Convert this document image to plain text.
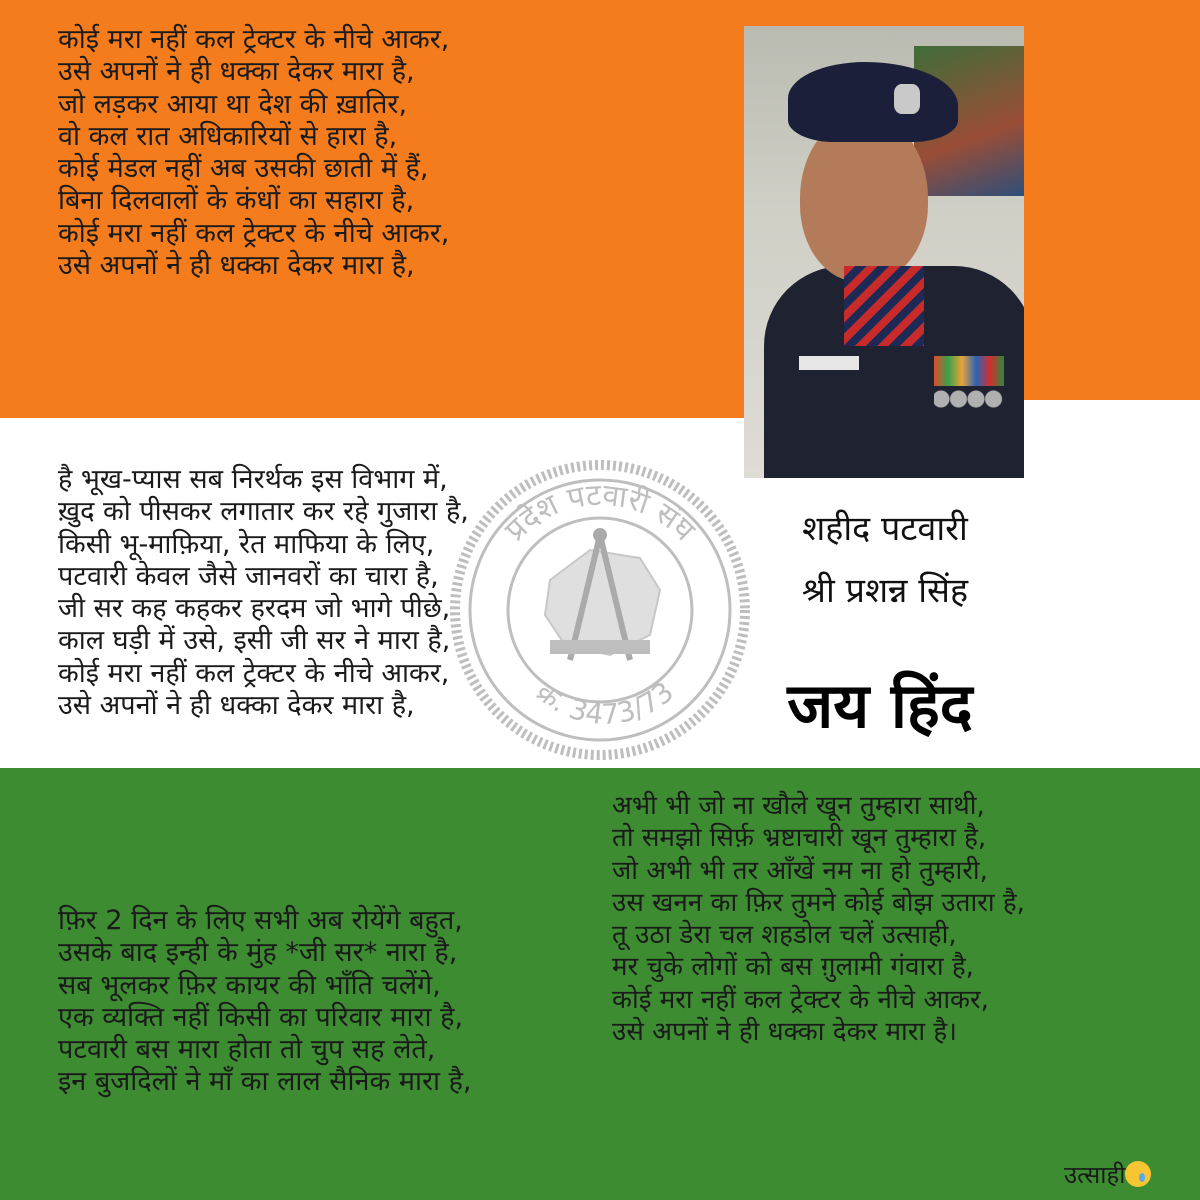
प्रदेश पटवारी संघ
क्र. 3473/73
कोई मरा नहीं कल ट्रेक्टर के नीचे आकर,
उसे अपनों ने ही धक्का देकर मारा है,
जो लड़कर आया था देश की ख़ातिर,
वो कल रात अधिकारियों से हारा है,
कोई मेडल नहीं अब उसकी छाती में हैं,
बिना दिलवालों के कंधों का सहारा है,
कोई मरा नहीं कल ट्रेक्टर के नीचे आकर,
उसे अपनों ने ही धक्का देकर मारा है,
है भूख-प्यास सब निरर्थक इस विभाग में,
ख़ुद को पीसकर लगातार कर रहे गुजारा है,
किसी भू-माफ़िया, रेत माफिया के लिए,
पटवारी केवल जैसे जानवरों का चारा है,
जी सर कह कहकर हरदम जो भागे पीछे,
काल घड़ी में उसे, इसी जी सर ने मारा है,
कोई मरा नहीं कल ट्रेक्टर के नीचे आकर,
उसे अपनों ने ही धक्का देकर मारा है,
फ़िर 2 दिन के लिए सभी अब रोयेंगे बहुत,
उसके बाद इन्ही के मुंह *जी सर* नारा है,
सब भूलकर फ़िर कायर की भाँति चलेंगे,
एक व्यक्ति नहीं किसी का परिवार मारा है,
पटवारी बस मारा होता तो चुप सह लेते,
इन बुजदिलों ने माँ का लाल सैनिक मारा है,
अभी भी जो ना खौले खून तुम्हारा साथी,
तो समझो सिर्फ़ भ्रष्टाचारी खून तुम्हारा है,
जो अभी भी तर आँखें नम ना हो तुम्हारी,
उस खनन का फ़िर तुमने कोई बोझ उतारा है,
तू उठा डेरा चल शहडोल चलें उत्साही,
मर चुके लोगों को बस ग़ुलामी गंवारा है,
कोई मरा नहीं कल ट्रेक्टर के नीचे आकर,
उसे अपनों ने ही धक्का देकर मारा है।
शहीद पटवारी
श्री प्रशन्न सिंह
जय हिंद
उत्साही
